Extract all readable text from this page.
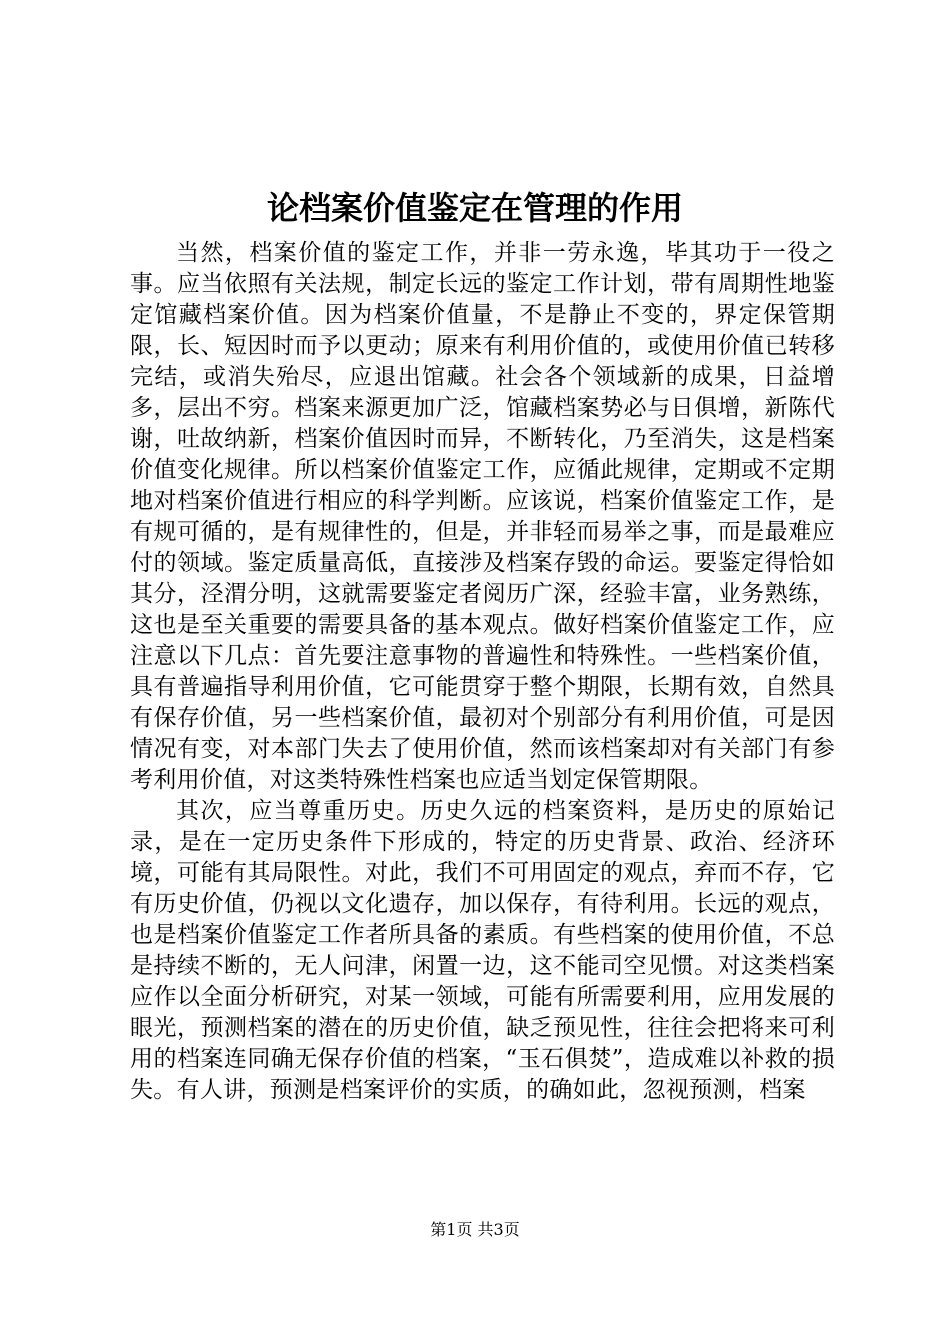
论档案价值鉴定在管理的作用

当然，档案价值的鉴定工作，并非一劳永逸，毕其功于一役之事。应当依照有关法规，制定长远的鉴定工作计划，带有周期性地鉴定馆藏档案价值。因为档案价值量，不是静止不变的，界定保管期限，长、短因时而予以更动；原来有利用价值的，或使用价值已转移完结，或消失殆尽，应退出馆藏。社会各个领域新的成果，日益增多，层出不穷。档案来源更加广泛，馆藏档案势必与日俱增，新陈代谢，吐故纳新，档案价值因时而异，不断转化，乃至消失，这是档案价值变化规律。所以档案价值鉴定工作，应循此规律，定期或不定期地对档案价值进行相应的科学判断。应该说，档案价值鉴定工作，是有规可循的，是有规律性的，但是，并非轻而易举之事，而是最难应付的领域。鉴定质量高低，直接涉及档案存毁的命运。要鉴定得恰如其分，泾渭分明，这就需要鉴定者阅历广深，经验丰富，业务熟练，这也是至关重要的需要具备的基本观点。做好档案价值鉴定工作，应注意以下几点：首先要注意事物的普遍性和特殊性。一些档案价值，具有普遍指导利用价值，它可能贯穿于整个期限，长期有效，自然具有保存价值，另一些档案价值，最初对个别部分有利用价值，可是因情况有变，对本部门失去了使用价值，然而该档案却对有关部门有参考利用价值，对这类特殊性档案也应适当划定保管期限。

其次，应当尊重历史。历史久远的档案资料，是历史的原始记录，是在一定历史条件下形成的，特定的历史背景、政治、经济环境，可能有其局限性。对此，我们不可用固定的观点，弃而不存，它有历史价值，仍视以文化遗存，加以保存，有待利用。长远的观点，也是档案价值鉴定工作者所具备的素质。有些档案的使用价值，不总是持续不断的，无人问津，闲置一边，这不能司空见惯。对这类档案应作以全面分析研究，对某一领域，可能有所需要利用，应用发展的眼光，预测档案的潜在的历史价值，缺乏预见性，往往会把将来可利用的档案连同确无保存价值的档案，“玉石俱焚”，造成难以补救的损失。有人讲，预测是档案评价的实质，的确如此，忽视预测，档案

第1页 共3页
